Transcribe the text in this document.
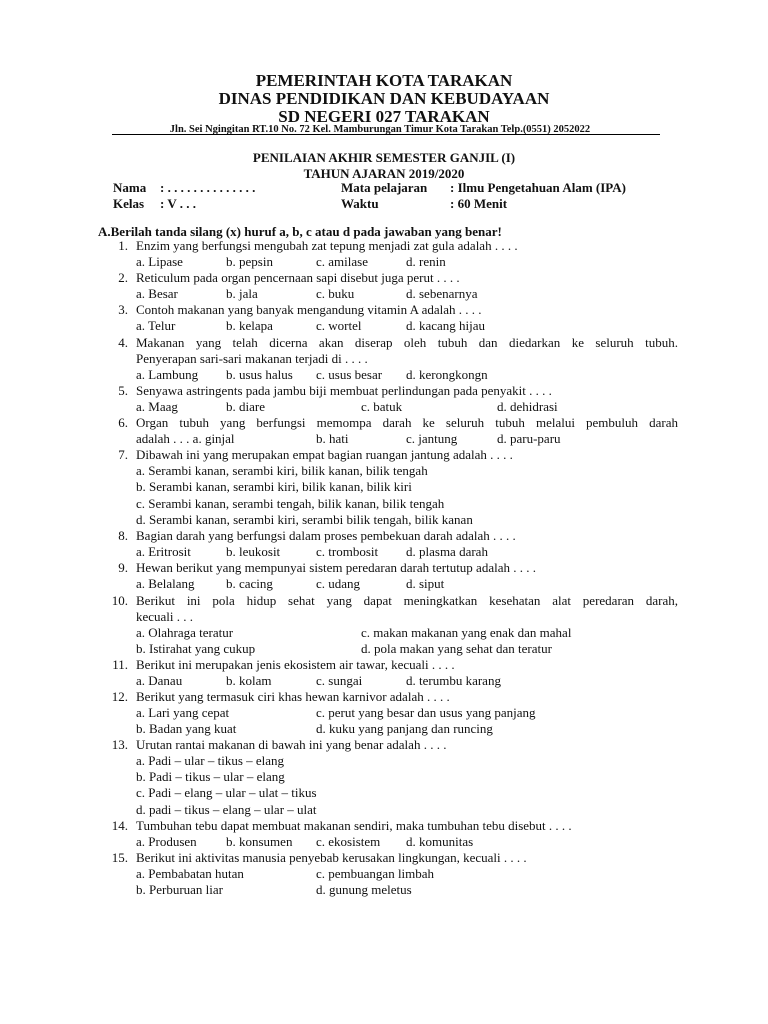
PEMERINTAH KOTA TARAKAN
DINAS PENDIDIKAN DAN KEBUDAYAAN
SD NEGERI 027 TARAKAN
Jln. Sei Ngingitan RT.10 No. 72 Kel. Mamburungan Timur Kota Tarakan Telp.(0551) 2052022
PENILAIAN AKHIR SEMESTER GANJIL (I)
TAHUN AJARAN 2019/2020
Nama : . . . . . . . . . . . . . .
Kelas : V . . .
Mata pelajaran : Ilmu Pengetahuan Alam (IPA)
Waktu	: 60 Menit
A.Berilah tanda silang (x) huruf a, b, c atau d pada jawaban yang benar!
1. Enzim yang berfungsi mengubah zat tepung menjadi zat gula adalah . . . .
a. Lipase	b. pepsin	c. amilase	d. renin
2. Reticulum pada organ pencernaan sapi disebut juga perut . . . .
a. Besar	b. jala	c. buku	d. sebenarnya
3. Contoh makanan yang banyak mengandung vitamin A adalah . . . .
a. Telur	b. kelapa	c. wortel	d. kacang hijau
4. Makanan yang telah dicerna akan diserap oleh tubuh dan diedarkan ke seluruh tubuh.
Penyerapan sari-sari makanan terjadi di . . . .
a. Lambung b. usus halus c. usus besar d. kerongkongn
5. Senyawa astringents pada jambu biji membuat perlindungan pada penyakit . . . .
a. Maag	b. diare	c. batuk	d. dehidrasi
6. Organ tubuh yang berfungsi memompa darah ke seluruh tubuh melalui pembuluh darah
adalah . . . a. ginjal	b. hati	c. jantung	d. paru-paru
7. Dibawah ini yang merupakan empat bagian ruangan jantung adalah . . . .
a. Serambi kanan, serambi kiri, bilik kanan, bilik tengah
b. Serambi kanan, serambi kiri, bilik kanan, bilik kiri
c. Serambi kanan, serambi tengah, bilik kanan, bilik tengah
d. Serambi kanan, serambi kiri, serambi bilik tengah, bilik kanan
8. Bagian darah yang berfungsi dalam proses pembekuan darah adalah . . . .
a. Eritrosit	b. leukosit	c. trombosit d. plasma darah
9. Hewan berikut yang mempunyai sistem peredaran darah tertutup adalah . . . .
a. Belalang b. cacing	c. udang	d. siput
10. Berikut ini pola hidup sehat yang dapat meningkatkan kesehatan alat peredaran darah,
kecuali . . .
a. Olahraga teratur	c. makan makanan yang enak dan mahal
b. Istirahat yang cukup	d. pola makan yang sehat dan teratur
11. Berikut ini merupakan jenis ekosistem air tawar, kecuali . . . .
a. Danau	b. kolam	c. sungai	d. terumbu karang
12. Berikut yang termasuk ciri khas hewan karnivor adalah . . . .
a. Lari yang cepat	c. perut yang besar dan usus yang panjang
b. Badan yang kuat	d. kuku yang panjang dan runcing
13. Urutan rantai makanan di bawah ini yang benar adalah . . . .
a. Padi – ular – tikus – elang
b. Padi – tikus – ular – elang
c. Padi – elang – ular – ulat – tikus
d. padi – tikus – elang – ular – ulat
14. Tumbuhan tebu dapat membuat makanan sendiri, maka tumbuhan tebu disebut . . . .
a. Produsen b. konsumen c. ekosistem d. komunitas
15. Berikut ini aktivitas manusia penyebab kerusakan lingkungan, kecuali . . . .
a. Pembabatan hutan	c. pembuangan limbah
b. Perburuan liar	d. gunung meletus
